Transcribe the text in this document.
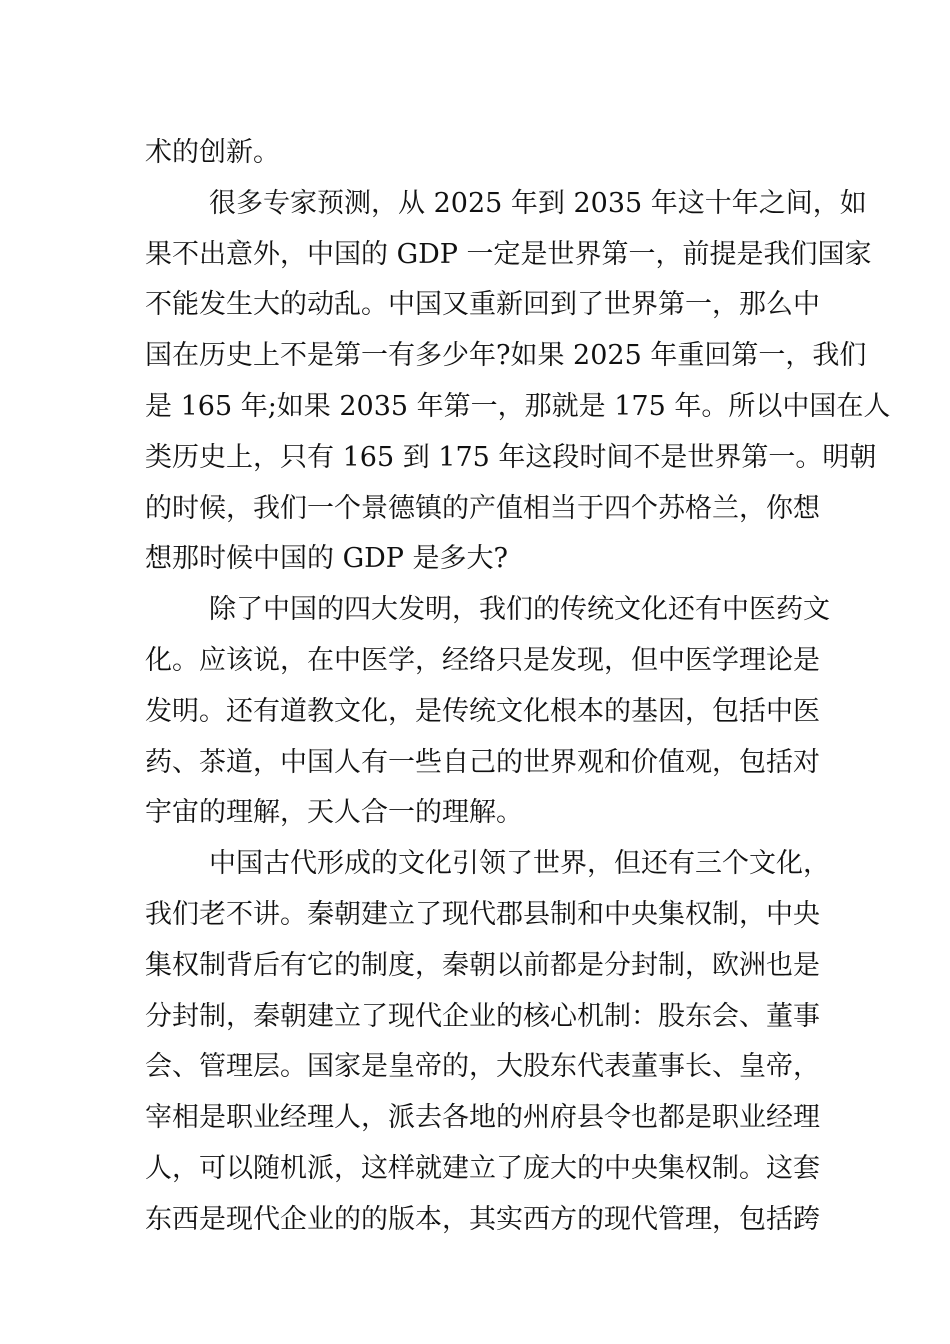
术的创新。
很多专家预测，从 2025 年到 2035 年这十年之间，如
果不出意外，中国的 GDP 一定是世界第一，前提是我们国家
不能发生大的动乱。中国又重新回到了世界第一，那么中
国在历史上不是第一有多少年?如果 2025 年重回第一，我们
是 165 年;如果 2035 年第一，那就是 175 年。所以中国在人
类历史上，只有 165 到 175 年这段时间不是世界第一。明朝
的时候，我们一个景德镇的产值相当于四个苏格兰，你想
想那时候中国的 GDP 是多大?
除了中国的四大发明，我们的传统文化还有中医药文
化。应该说，在中医学，经络只是发现，但中医学理论是
发明。还有道教文化，是传统文化根本的基因，包括中医
药、茶道，中国人有一些自己的世界观和价值观，包括对
宇宙的理解，天人合一的理解。
中国古代形成的文化引领了世界，但还有三个文化，
我们老不讲。秦朝建立了现代郡县制和中央集权制，中央
集权制背后有它的制度，秦朝以前都是分封制，欧洲也是
分封制，秦朝建立了现代企业的核心机制：股东会、董事
会、管理层。国家是皇帝的，大股东代表董事长、皇帝，
宰相是职业经理人，派去各地的州府县令也都是职业经理
人，可以随机派，这样就建立了庞大的中央集权制。这套
东西是现代企业的的版本，其实西方的现代管理，包括跨
